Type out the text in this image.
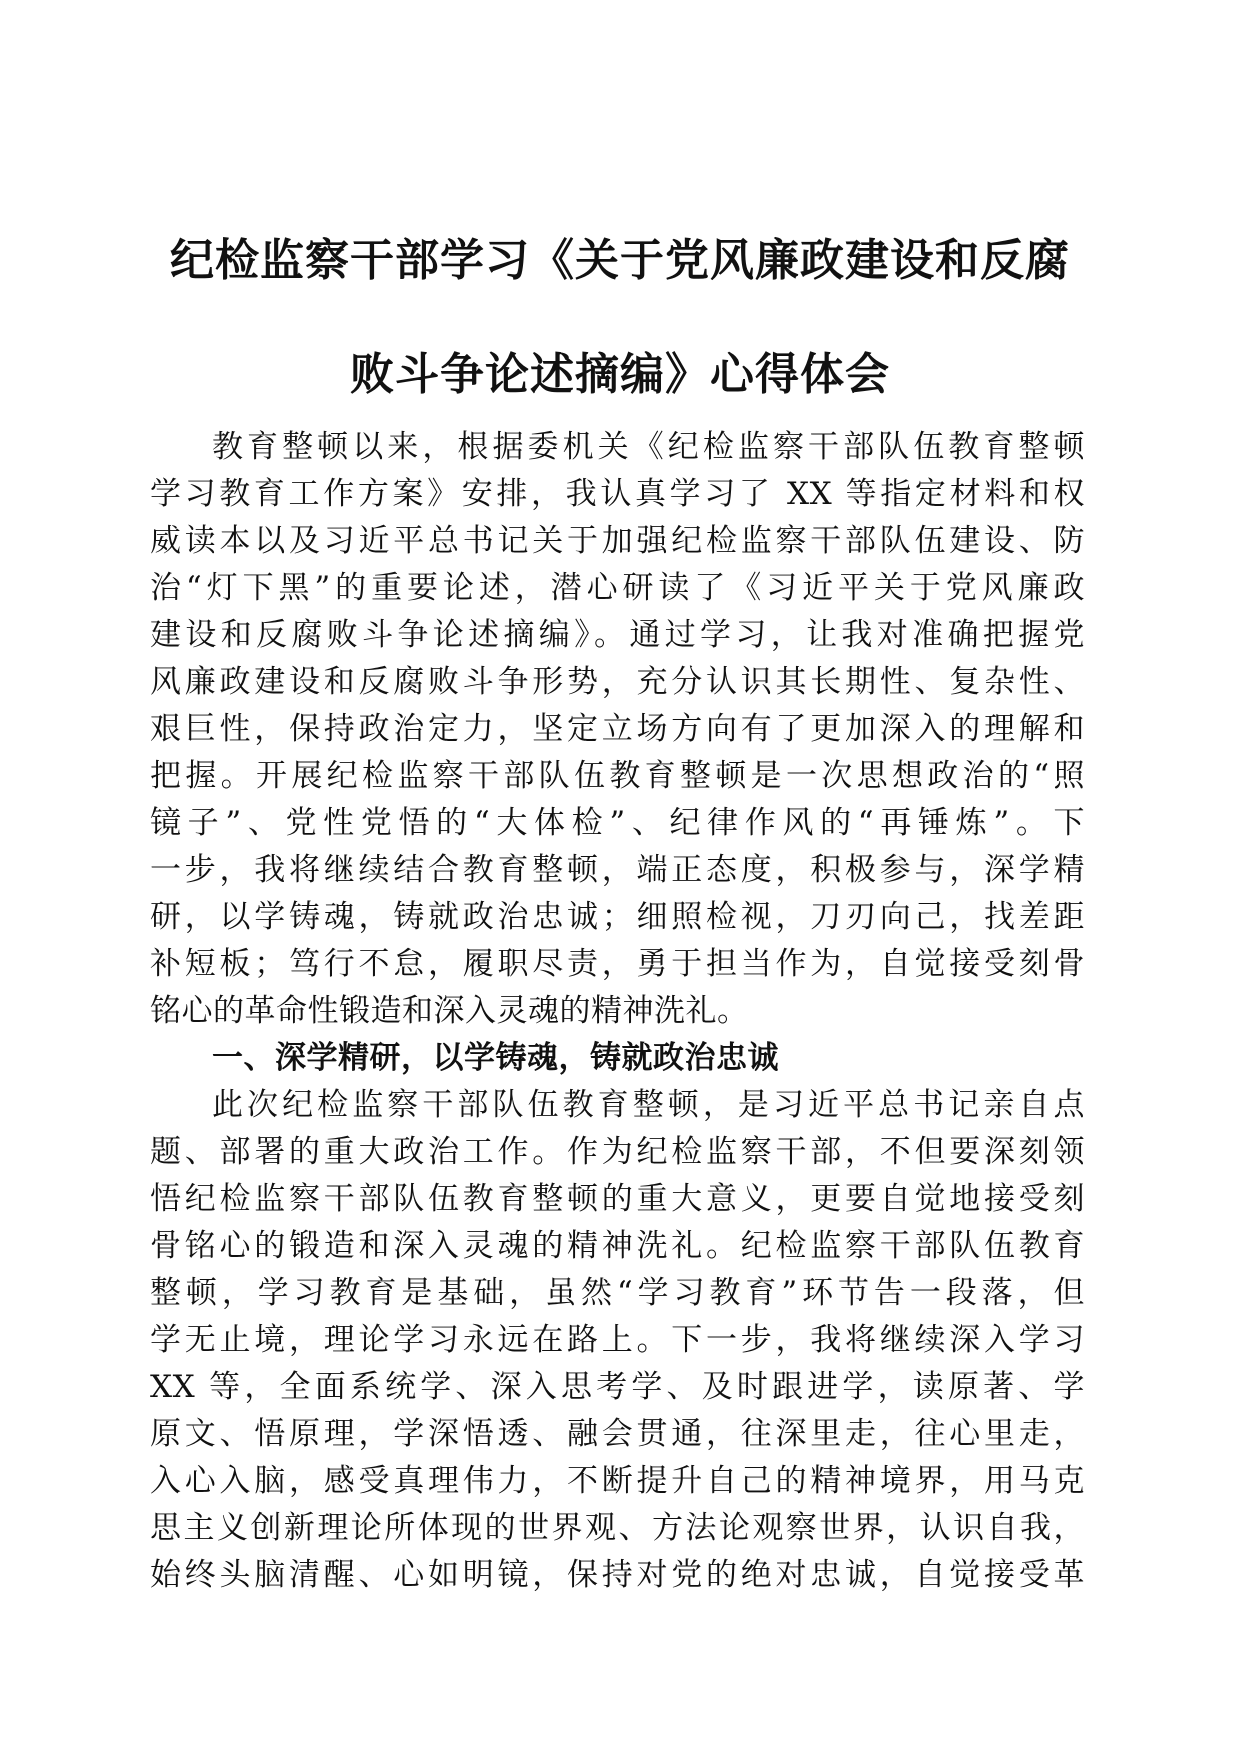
纪检监察干部学习《关于党风廉政建设和反腐
败斗争论述摘编》心得体会
教育整顿以来，根据委机关《纪检监察干部队伍教育整顿
学习教育工作方案》安排，我认真学习了 XX 等指定材料和权
威读本以及习近平总书记关于加强纪检监察干部队伍建设、防
治“灯下黑”的重要论述，潜心研读了《习近平关于党风廉政
建设和反腐败斗争论述摘编》。通过学习，让我对准确把握党
风廉政建设和反腐败斗争形势，充分认识其长期性、复杂性、
艰巨性，保持政治定力，坚定立场方向有了更加深入的理解和
把握。开展纪检监察干部队伍教育整顿是一次思想政治的“照
镜子”、党性党悟的“大体检”、纪律作风的“再锤炼”。下
一步，我将继续结合教育整顿，端正态度，积极参与，深学精
研，以学铸魂，铸就政治忠诚；细照检视，刀刃向己，找差距
补短板；笃行不怠，履职尽责，勇于担当作为，自觉接受刻骨
铭心的革命性锻造和深入灵魂的精神洗礼。
一、深学精研，以学铸魂，铸就政治忠诚
此次纪检监察干部队伍教育整顿，是习近平总书记亲自点
题、部署的重大政治工作。作为纪检监察干部，不但要深刻领
悟纪检监察干部队伍教育整顿的重大意义，更要自觉地接受刻
骨铭心的锻造和深入灵魂的精神洗礼。纪检监察干部队伍教育
整顿，学习教育是基础，虽然“学习教育”环节告一段落，但
学无止境，理论学习永远在路上。下一步，我将继续深入学习
XX 等，全面系统学、深入思考学、及时跟进学，读原著、学
原文、悟原理，学深悟透、融会贯通，往深里走，往心里走，
入心入脑，感受真理伟力，不断提升自己的精神境界，用马克
思主义创新理论所体现的世界观、方法论观察世界，认识自我，
始终头脑清醒、心如明镜，保持对党的绝对忠诚，自觉接受革
